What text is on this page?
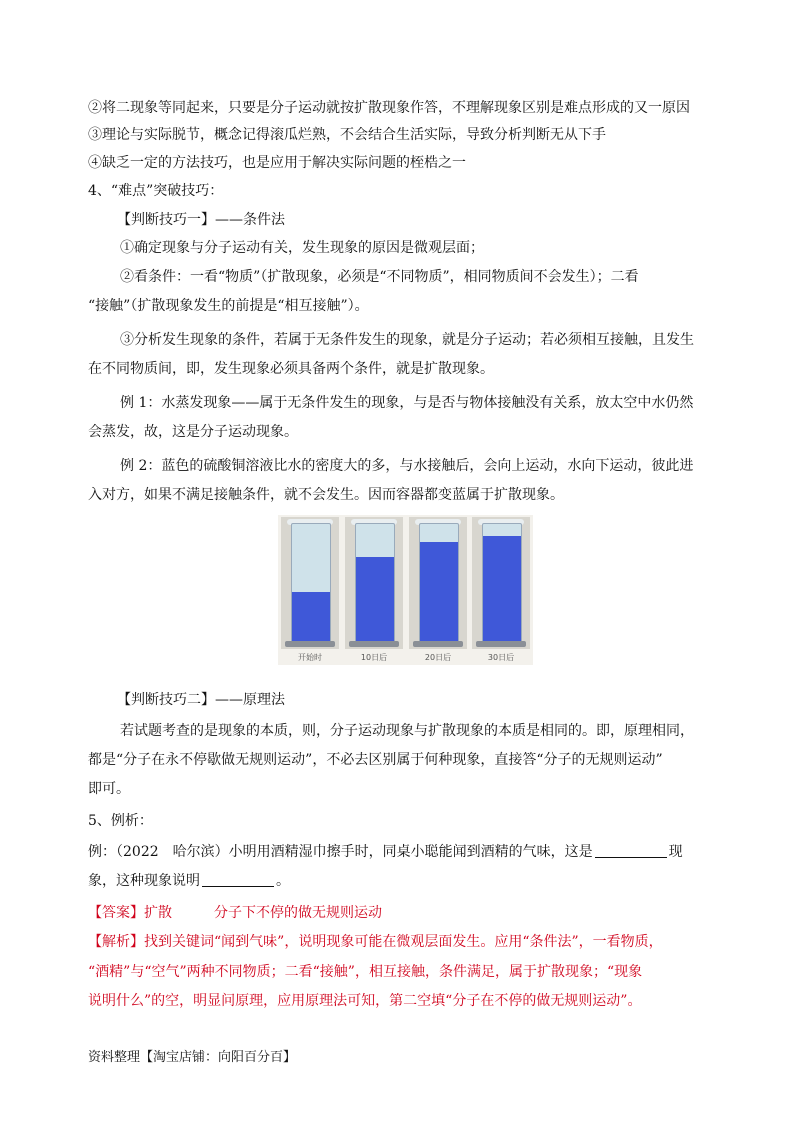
②将二现象等同起来，只要是分子运动就按扩散现象作答，不理解现象区别是难点形成的又一原因
③理论与实际脱节，概念记得滚瓜烂熟，不会结合生活实际，导致分析判断无从下手
④缺乏一定的方法技巧，也是应用于解决实际问题的桎梏之一
4、“难点”突破技巧：
【判断技巧一】——条件法
①确定现象与分子运动有关，发生现象的原因是微观层面；
②看条件：一看“物质”（扩散现象，必须是“不同物质”，相同物质间不会发生）；二看
“接触”（扩散现象发生的前提是“相互接触”）。
③分析发生现象的条件，若属于无条件发生的现象，就是分子运动；若必须相互接触，且发生
在不同物质间，即，发生现象必须具备两个条件，就是扩散现象。
例 1：水蒸发现象——属于无条件发生的现象，与是否与物体接触没有关系，放太空中水仍然
会蒸发，故，这是分子运动现象。
例 2：蓝色的硫酸铜溶液比水的密度大的多，与水接触后，会向上运动，水向下运动，彼此进
入对方，如果不满足接触条件，就不会发生。因而容器都变蓝属于扩散现象。
开始时	10日后	20日后	30日后
【判断技巧二】——原理法
若试题考查的是现象的本质，则，分子运动现象与扩散现象的本质是相同的。即，原理相同，
都是“分子在永不停歇做无规则运动”，不必去区别属于何种现象，直接答“分子的无规则运动”
即可。
5、例析：
例：（2022　哈尔滨）小明用酒精湿巾擦手时，同桌小聪能闻到酒精的气味，这是	现
象，这种现象说明	。
【答案】扩散　　　分子下不停的做无规则运动
【解析】找到关键词“闻到气味”，说明现象可能在微观层面发生。应用“条件法”，一看物质，
“酒精”与“空气”两种不同物质；二看“接触”，相互接触，条件满足，属于扩散现象；“现象
说明什么”的空，明显问原理，应用原理法可知，第二空填“分子在不停的做无规则运动”。
资料整理【淘宝店铺：向阳百分百】
